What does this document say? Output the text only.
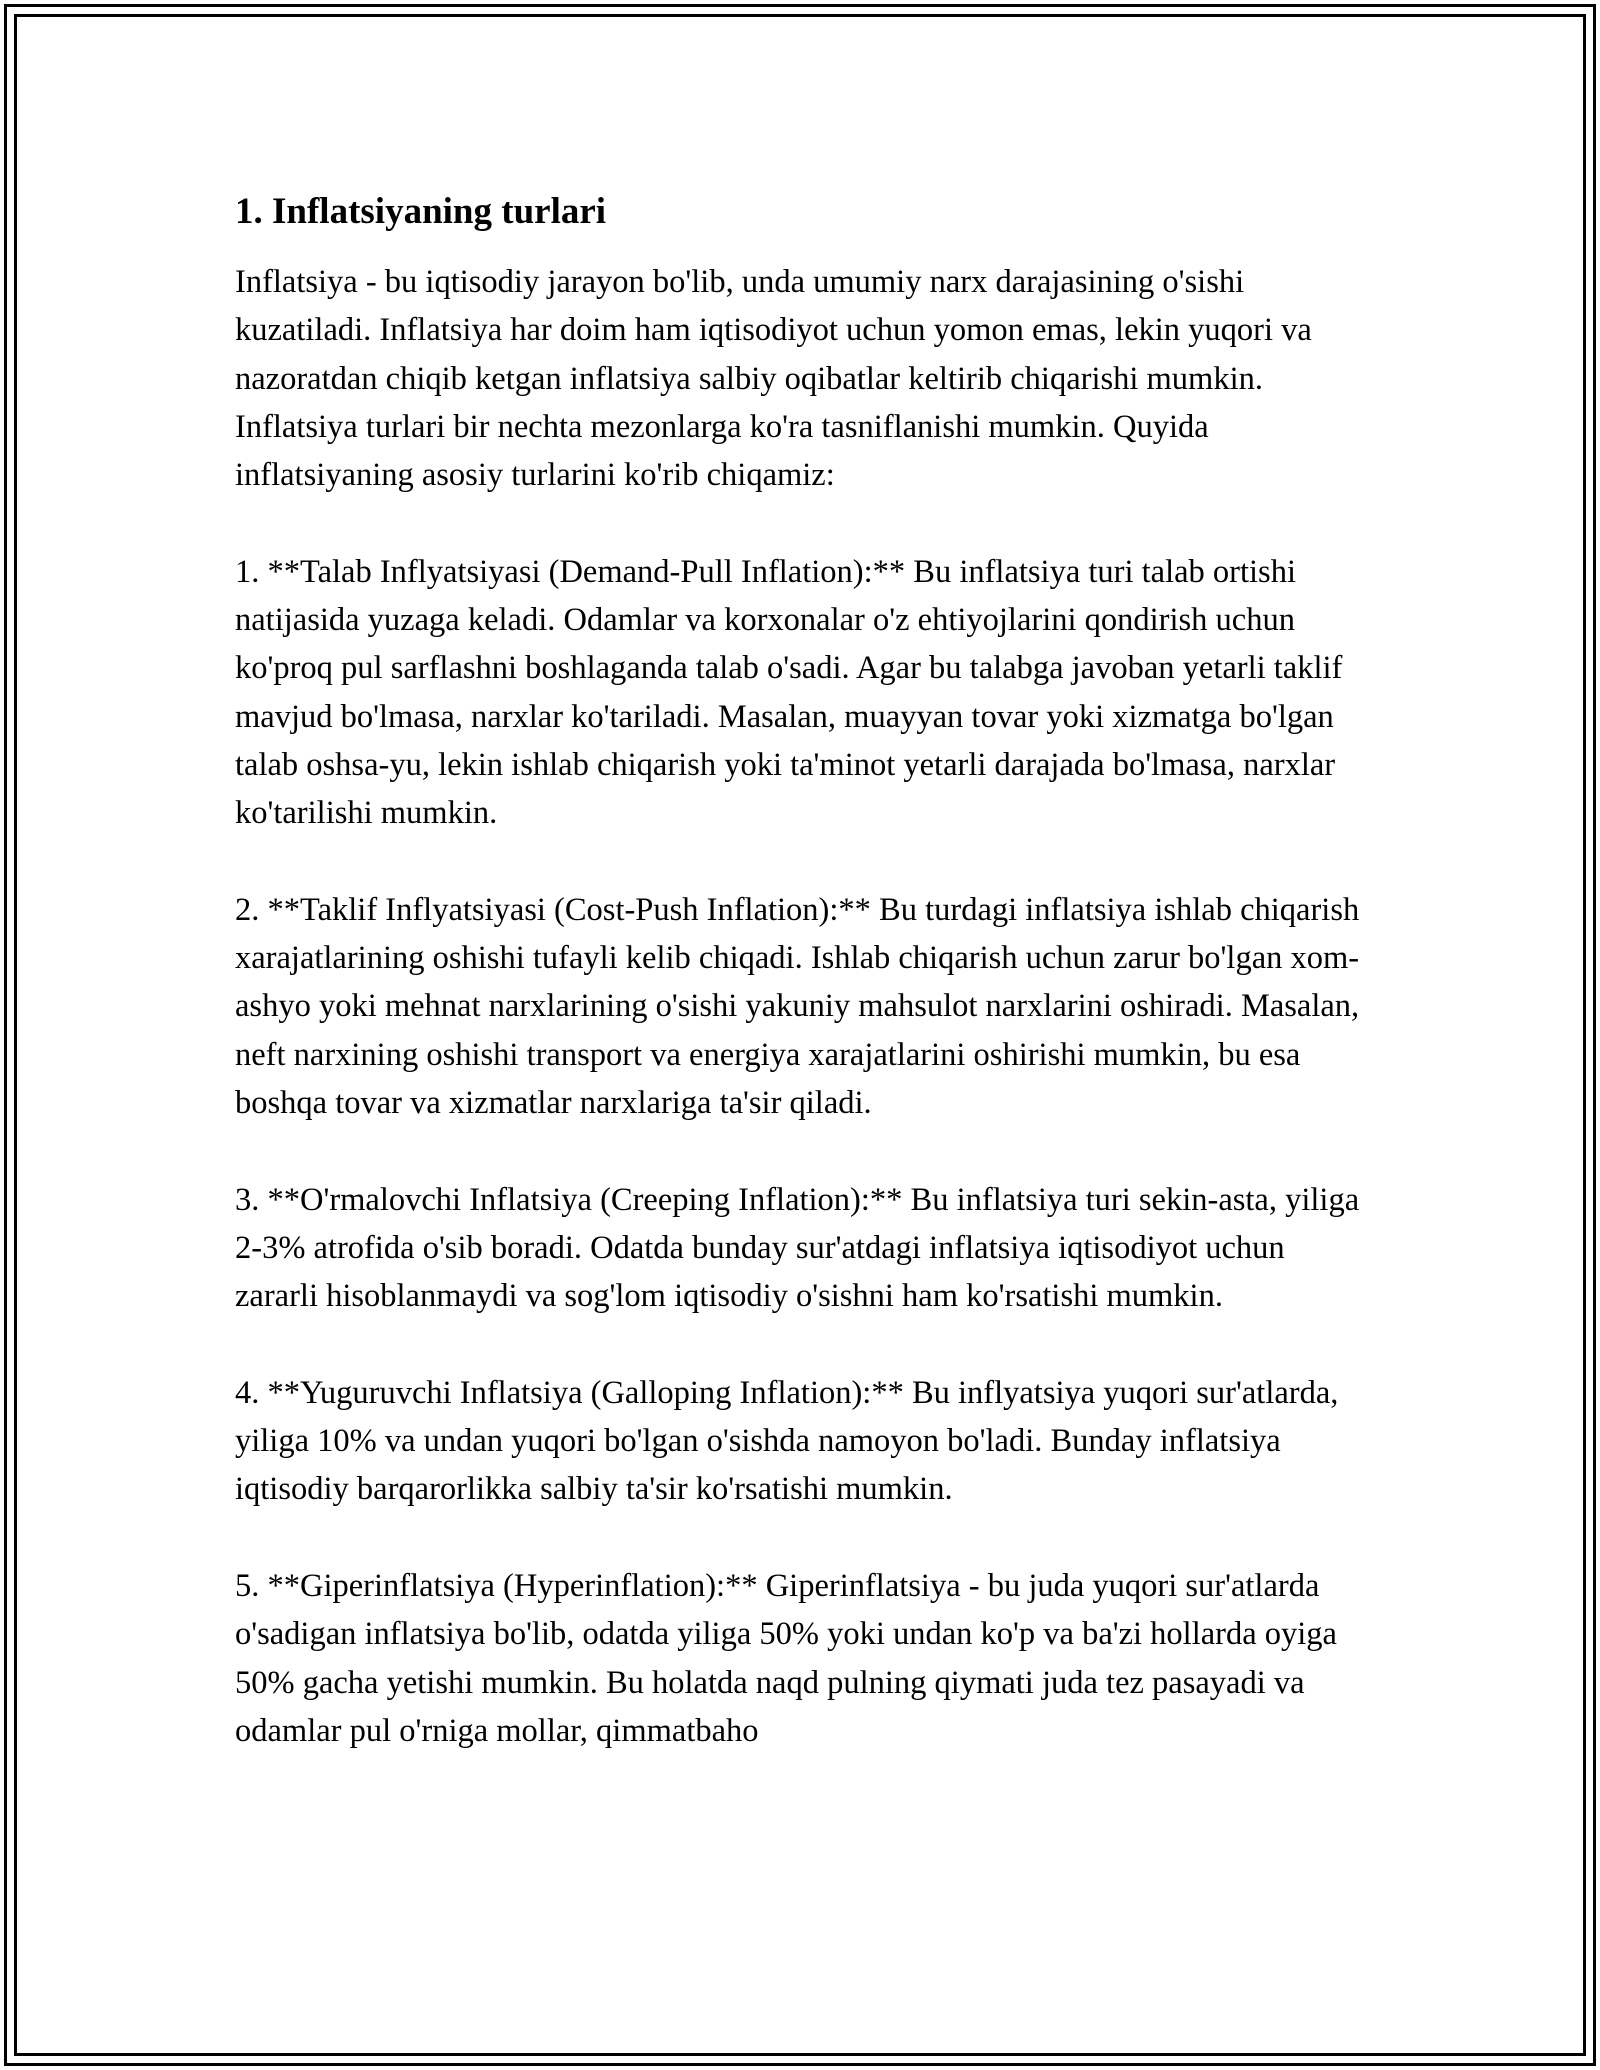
1. Inflatsiyaning turlari

Inflatsiya - bu iqtisodiy jarayon bo'lib, unda umumiy narx darajasining o'sishi kuzatiladi. Inflatsiya har doim ham iqtisodiyot uchun yomon emas, lekin yuqori va nazoratdan chiqib ketgan inflatsiya salbiy oqibatlar keltirib chiqarishi mumkin. Inflatsiya turlari bir nechta mezonlarga ko'ra tasniflanishi mumkin. Quyida inflatsiyaning asosiy turlarini ko'rib chiqamiz:

1. **Talab Inflyatsiyasi (Demand-Pull Inflation):** Bu inflatsiya turi talab ortishi natijasida yuzaga keladi. Odamlar va korxonalar o'z ehtiyojlarini qondirish uchun ko'proq pul sarflashni boshlaganda talab o'sadi. Agar bu talabga javoban yetarli taklif mavjud bo'lmasa, narxlar ko'tariladi. Masalan, muayyan tovar yoki xizmatga bo'lgan talab oshsa-yu, lekin ishlab chiqarish yoki ta'minot yetarli darajada bo'lmasa, narxlar ko'tarilishi mumkin.

2. **Taklif Inflyatsiyasi (Cost-Push Inflation):** Bu turdagi inflatsiya ishlab chiqarish xarajatlarining oshishi tufayli kelib chiqadi. Ishlab chiqarish uchun zarur bo'lgan xom-ashyo yoki mehnat narxlarining o'sishi yakuniy mahsulot narxlarini oshiradi. Masalan, neft narxining oshishi transport va energiya xarajatlarini oshirishi mumkin, bu esa boshqa tovar va xizmatlar narxlariga ta'sir qiladi.

3. **O'rmalovchi Inflatsiya (Creeping Inflation):** Bu inflatsiya turi sekin-asta, yiliga 2-3% atrofida o'sib boradi. Odatda bunday sur'atdagi inflatsiya iqtisodiyot uchun zararli hisoblanmaydi va sog'lom iqtisodiy o'sishni ham ko'rsatishi mumkin.

4. **Yuguruvchi Inflatsiya (Galloping Inflation):** Bu inflyatsiya yuqori sur'atlarda, yiliga 10% va undan yuqori bo'lgan o'sishda namoyon bo'ladi. Bunday inflatsiya iqtisodiy barqarorlikka salbiy ta'sir ko'rsatishi mumkin.

5. **Giperinflatsiya (Hyperinflation):** Giperinflatsiya - bu juda yuqori sur'atlarda o'sadigan inflatsiya bo'lib, odatda yiliga 50% yoki undan ko'p va ba'zi hollarda oyiga 50% gacha yetishi mumkin. Bu holatda naqd pulning qiymati juda tez pasayadi va odamlar pul o'rniga mollar, qimmatbaho
